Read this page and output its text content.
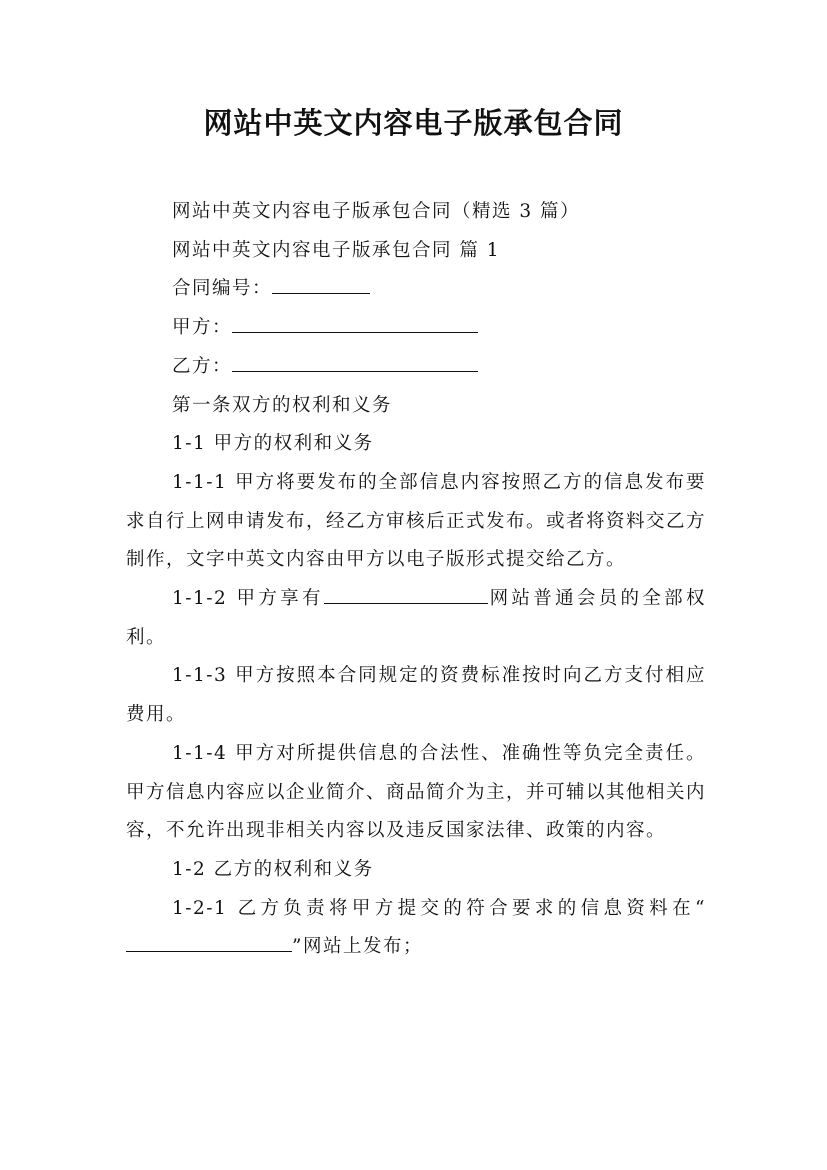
网站中英文内容电子版承包合同

网站中英文内容电子版承包合同（精选 3 篇）

网站中英文内容电子版承包合同 篇 1

合同编号：

甲方：

乙方：

第一条双方的权利和义务

1-1 甲方的权利和义务

1-1-1 甲方将要发布的全部信息内容按照乙方的信息发布要求自行上网申请发布，经乙方审核后正式发布。或者将资料交乙方制作，文字中英文内容由甲方以电子版形式提交给乙方。

1-1-2 甲方享有	网站普通会员的全部权利。

1-1-3 甲方按照本合同规定的资费标准按时向乙方支付相应费用。

1-1-4 甲方对所提供信息的合法性、准确性等负完全责任。甲方信息内容应以企业简介、商品简介为主，并可辅以其他相关内容，不允许出现非相关内容以及违反国家法律、政策的内容。

1-2 乙方的权利和义务

1-2-1 乙方负责将甲方提交的符合要求的信息资料在“”网站上发布；
